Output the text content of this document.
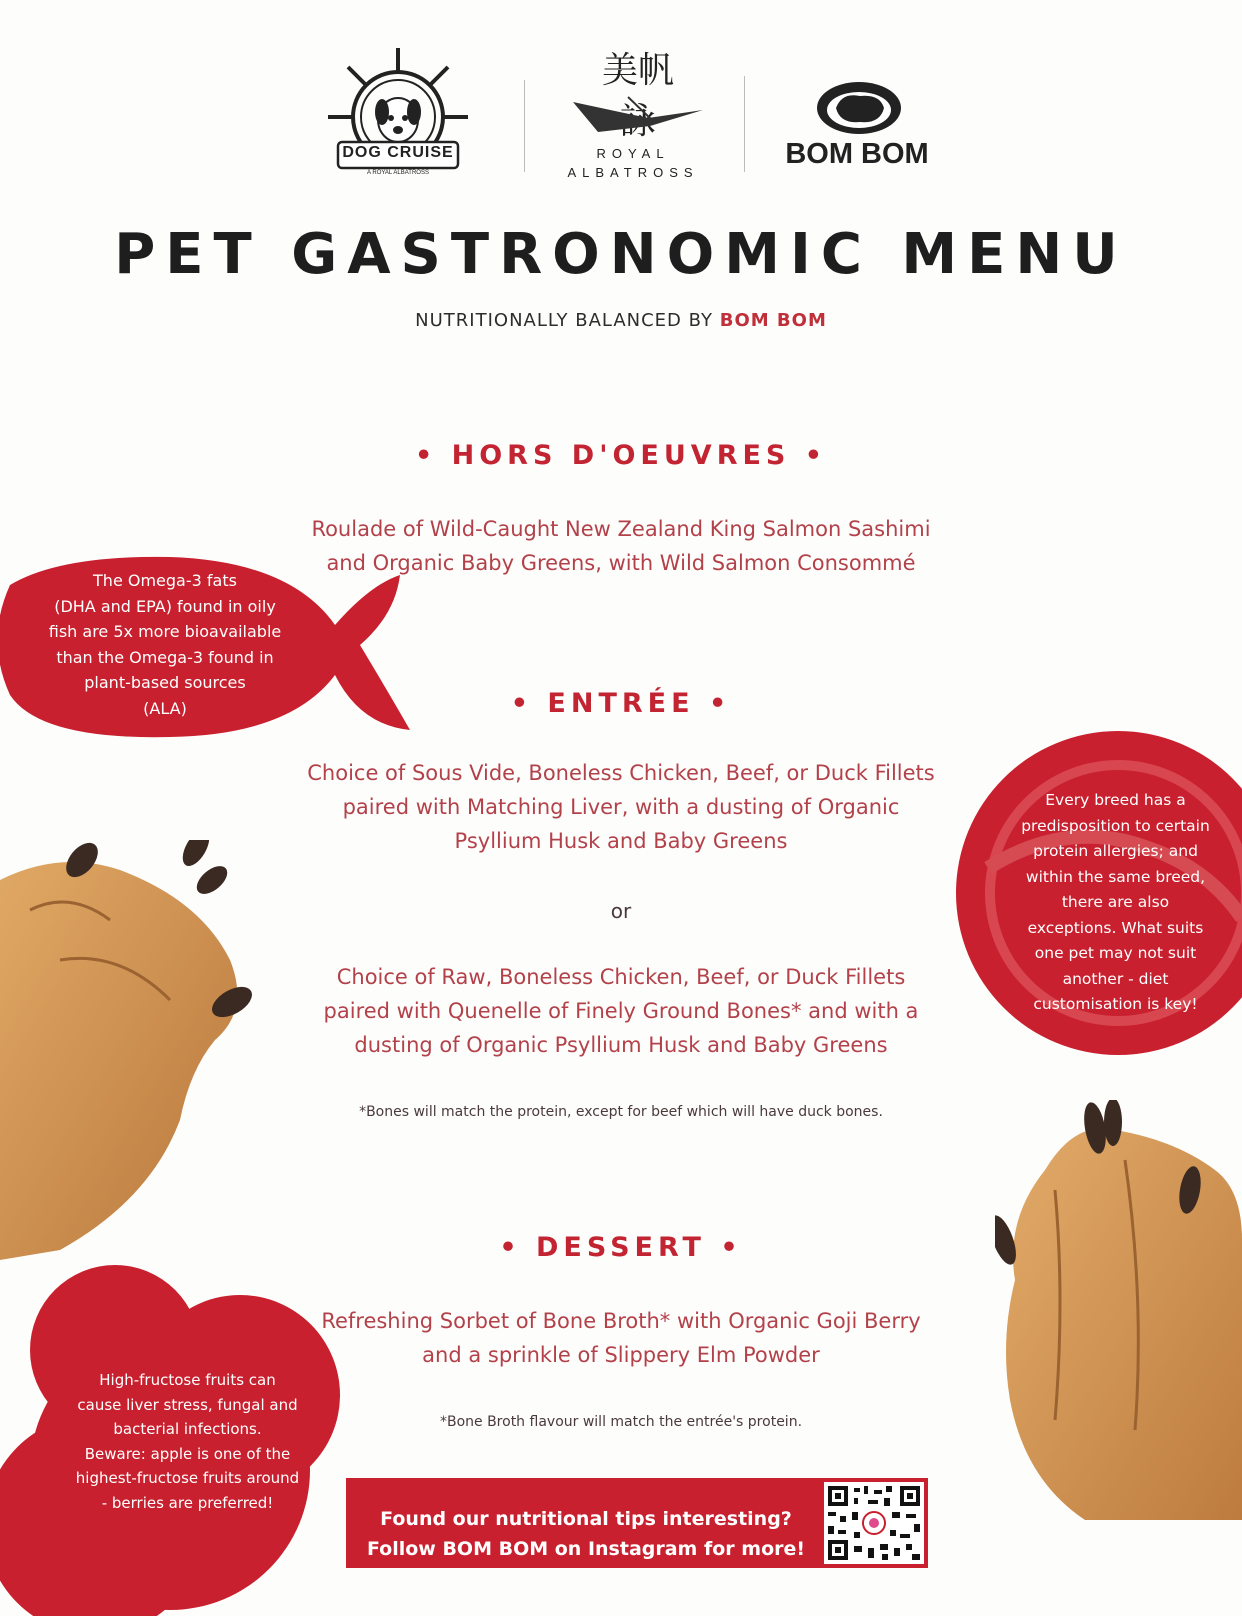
DOG CRUISE
A ROYAL ALBATROSS
美帆
ROYAL
ALBATROSS
BOM BOM
PET GASTRONOMIC MENU
NUTRITIONALLY BALANCED BY BOM BOM
The Omega-3 fats
(DHA and EPA) found in oily
fish are 5x more bioavailable
than the Omega-3 found in
plant-based sources
(ALA)
Every breed has a
predisposition to certain
protein allergies; and
within the same breed,
there are also
exceptions. What suits
one pet may not suit
another - diet
customisation is key!
High-fructose fruits can
cause liver stress, fungal and
bacterial infections.
Beware: apple is one of the
highest-fructose fruits around
- berries are preferred!
• HORS D'OEUVRES •
Roulade of Wild-Caught New Zealand King Salmon Sashimi
and Organic Baby Greens, with Wild Salmon Consommé
• ENTRÉE •
Choice of Sous Vide, Boneless Chicken, Beef, or Duck Fillets
paired with Matching Liver, with a dusting of Organic
Psyllium Husk and Baby Greens
or
Choice of Raw, Boneless Chicken, Beef, or Duck Fillets
paired with Quenelle of Finely Ground Bones* and with a
dusting of Organic Psyllium Husk and Baby Greens
*Bones will match the protein, except for beef which will have duck bones.
• DESSERT •
Refreshing Sorbet of Bone Broth* with Organic Goji Berry
and a sprinkle of Slippery Elm Powder
*Bone Broth flavour will match the entrée's protein.
Found our nutritional tips interesting?
Follow BOM BOM on Instagram for more!
